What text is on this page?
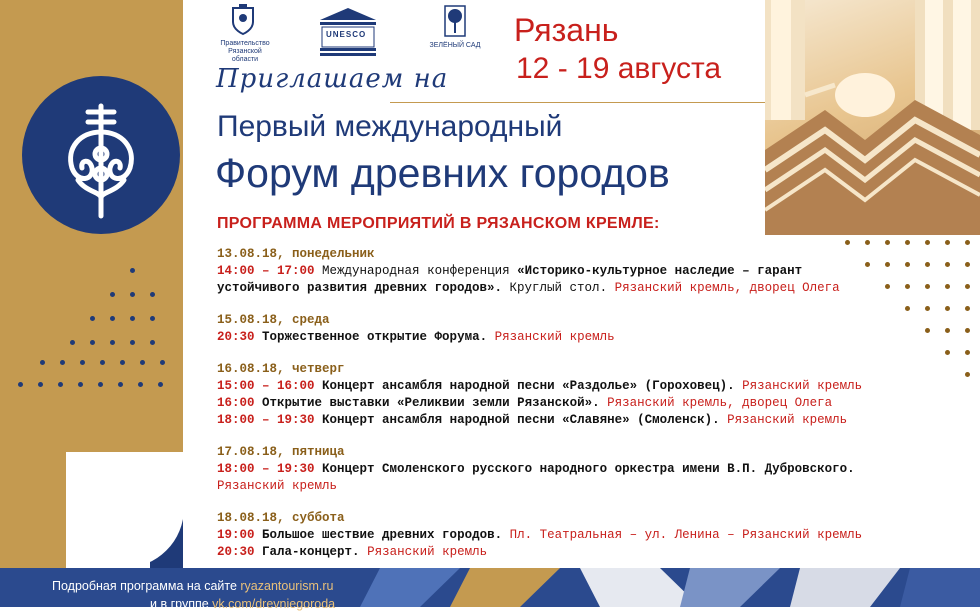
Правительство
Рязанской области
UNESCO
ЗЕЛЁНЫЙ САД Рязань
12 - 19 августа
Приглашаем на
Первый международный
Форум древних городов
ПРОГРАММА МЕРОПРИЯТИЙ В РЯЗАНСКОМ КРЕМЛЕ:
13.08.18, понедельник
14:00 – 17:00 Международная конференция «Историко-культурное наследие – гарант устойчивого развития древних городов». Круглый стол. Рязанский кремль, дворец Олега
15.08.18, среда
20:30 Торжественное открытие Форума. Рязанский кремль
16.08.18, четверг
15:00 – 16:00 Концерт ансамбля народной песни «Раздолье» (Гороховец). Рязанский кремль
16:00 Открытие выставки «Реликвии земли Рязанской». Рязанский кремль, дворец Олега
18:00 – 19:30 Концерт ансамбля народной песни «Славяне» (Смоленск). Рязанский кремль
17.08.18, пятница
18:00 – 19:30 Концерт Смоленского русского народного оркестра имени В.П. Дубровского. Рязанский кремль
18.08.18, суббота
19:00 Большое шествие древних городов. Пл. Театральная – ул. Ленина – Рязанский кремль
20:30 Гала-концерт. Рязанский кремль
Подробная программа на сайте ryazantourism.ru
и в группе vk.com/drevniegoroda
